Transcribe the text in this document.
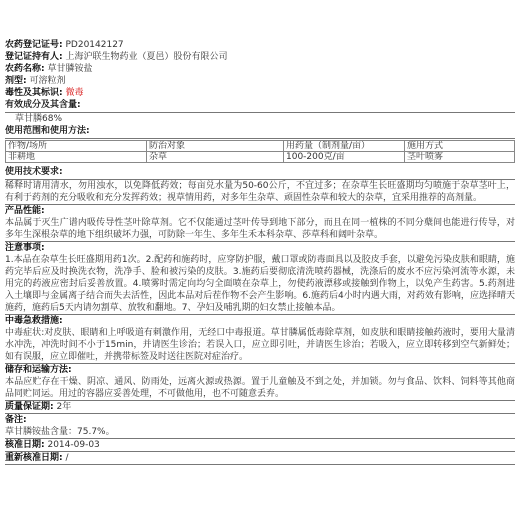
农药登记证号: PD20142127
登记证持有人: 上海沪联生物药业（夏邑）股份有限公司
农药名称: 草甘膦铵盐
剂型: 可溶粒剂
毒性及其标识: 微毒
有效成分及其含量:
草甘膦68%
使用范围和使用方法:
作物/场所	防治对象	用药量（制剂量/亩）	施用方式
非耕地	杂草	100-200克/亩	茎叶喷雾
使用技术要求:
稀释时请用清水，勿用浊水，以免降低药效；每亩兑水量为50-60公斤，不宜过多；在杂草生长旺盛期均匀喷施于杂草茎叶上，有利于药剂的充分吸收和充分发挥药效；视草情用药，对多年生杂草、顽固性杂草和较大的杂草，宜采用推荐的高剂量。
产品性能:
本品属于灭生广谱内吸传导性茎叶除草剂。它不仅能通过茎叶传导到地下部分，而且在同一植株的不同分蘖间也能进行传导，对多年生深根杂草的地下组织破坏力强，可防除一年生、多年生禾本科杂草、莎草科和阔叶杂草。
注意事项:
1.本品在杂草生长旺盛期用药1次。2.配药和施药时，应穿防护服，戴口罩或防毒面具以及胶皮手套，以避免污染皮肤和眼睛，施药完毕后应及时换洗衣物，洗净手、脸和被污染的皮肤。3.施药后要彻底清洗喷药器械，洗涤后的废水不应污染河流等水源，未用完的药液应密封后妥善放置。4.喷雾时需定向均匀全面喷在杂草上，勿使药液漂移或接触到作物上，以免产生药害。5.药剂进入土壤即与金属离子结合而失去活性，因此本品对后茬作物不会产生影响。6.施药后4小时内遇大雨，对药效有影响，应选择晴天施药，施药后5天内请勿割草、放牧和翻地。7、孕妇及哺乳期的妇女禁止接触本品。
中毒急救措施:
中毒症状:对皮肤、眼睛和上呼吸道有刺激作用，无经口中毒报道。草甘膦属低毒除草剂，如皮肤和眼睛接触药液时，要用大量清水冲洗，冲洗时间不小于15min，并请医生诊治；若误入口，应立即引吐，并请医生诊治；若吸入，应立即转移到空气新鲜处；如有误服，应立即催吐，并携带标签及时送往医院对症治疗。
储存和运输方法:
本品应贮存在干燥、阴凉、通风、防雨处，远离火源或热源。置于儿童触及不到之处，并加锁。勿与食品、饮料、饲料等其他商品同贮同运。用过的容器应妥善处理，不可做他用，也不可随意丢弃。
质量保证期: 2年
备注:
草甘膦铵盐含量：75.7%。
核准日期: 2014-09-03
重新核准日期: /
